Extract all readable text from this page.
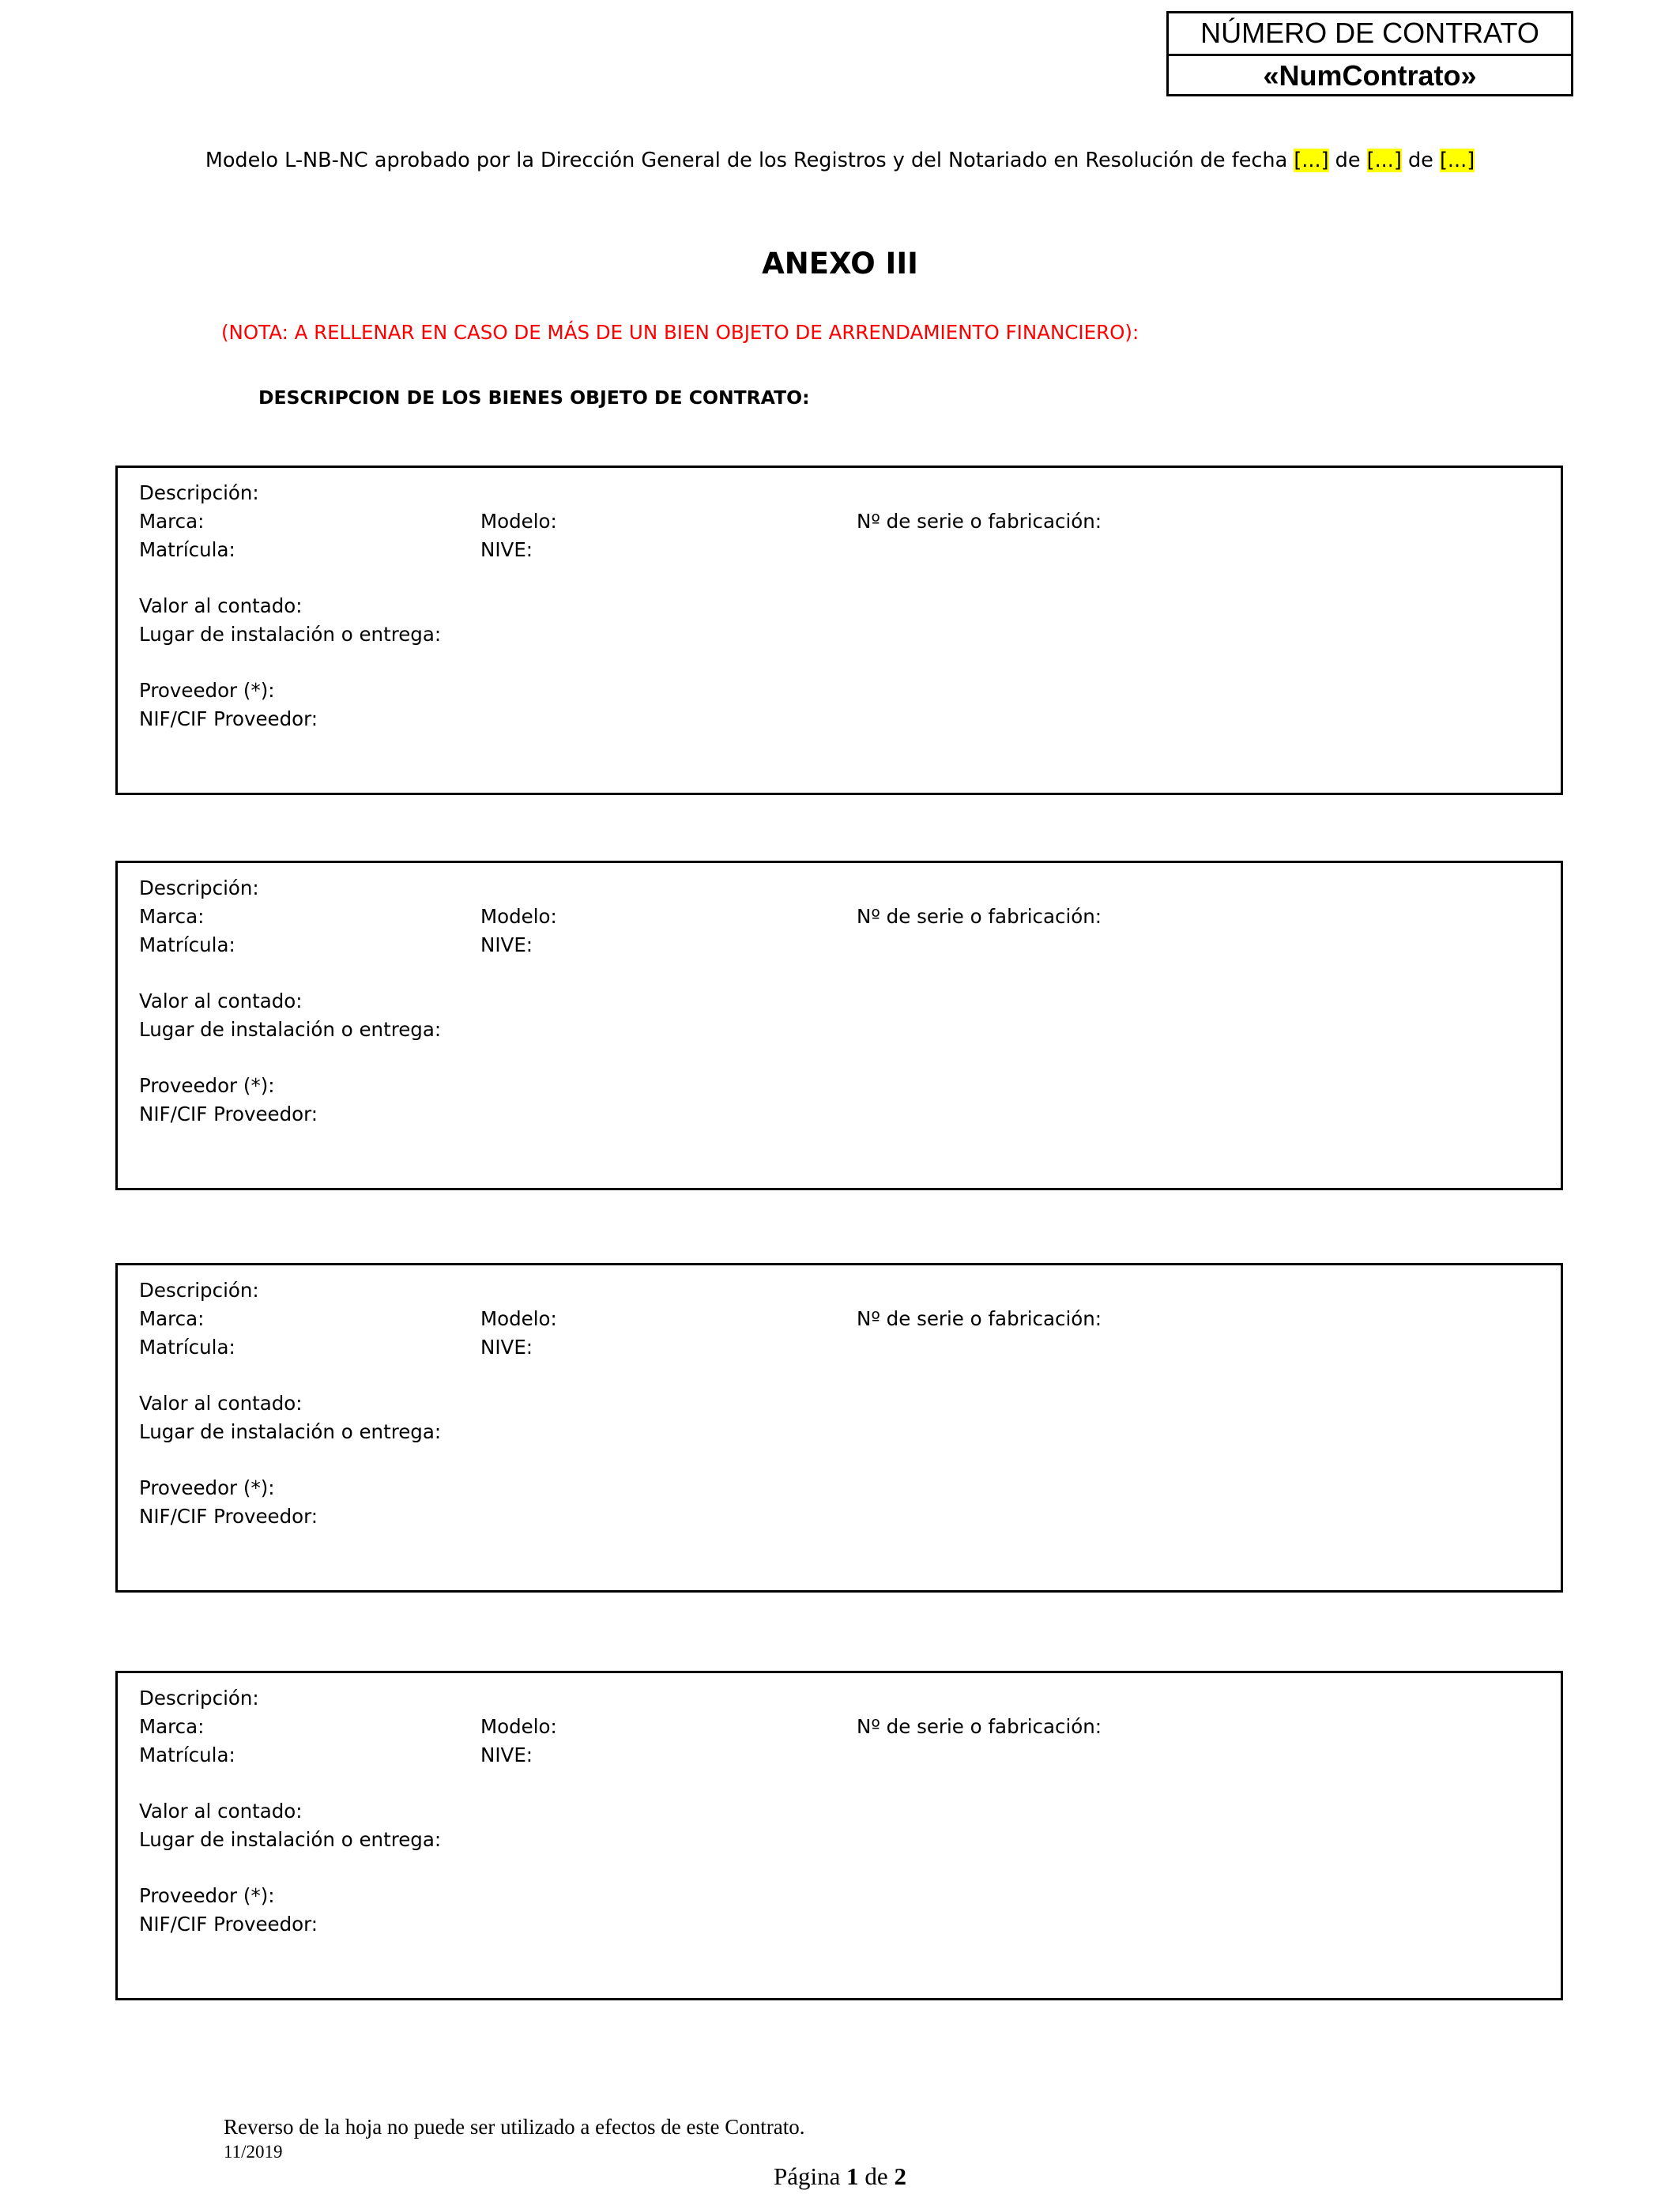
NÚMERO DE CONTRATO
«NumContrato»
Modelo L-NB-NC aprobado por la Dirección General de los Registros y del Notariado en Resolución de fecha [...] de [...] de [...]
ANEXO III
(NOTA: A RELLENAR EN CASO DE MÁS DE UN BIEN OBJETO DE ARRENDAMIENTO FINANCIERO):
DESCRIPCION DE LOS BIENES OBJETO DE CONTRATO:
Descripción:
Marca:	Modelo:	Nº de serie o fabricación:
Matrícula:	NIVE:
Valor al contado:
Lugar de instalación o entrega:
Proveedor (*):
NIF/CIF Proveedor:
Descripción:
Marca:	Modelo:	Nº de serie o fabricación:
Matrícula:	NIVE:
Valor al contado:
Lugar de instalación o entrega:
Proveedor (*):
NIF/CIF Proveedor:
Descripción:
Marca:	Modelo:	Nº de serie o fabricación:
Matrícula:	NIVE:
Valor al contado:
Lugar de instalación o entrega:
Proveedor (*):
NIF/CIF Proveedor:
Descripción:
Marca:	Modelo:	Nº de serie o fabricación:
Matrícula:	NIVE:
Valor al contado:
Lugar de instalación o entrega:
Proveedor (*):
NIF/CIF Proveedor:
Reverso de la hoja no puede ser utilizado a efectos de este Contrato.
11/2019
Página 1 de 2
